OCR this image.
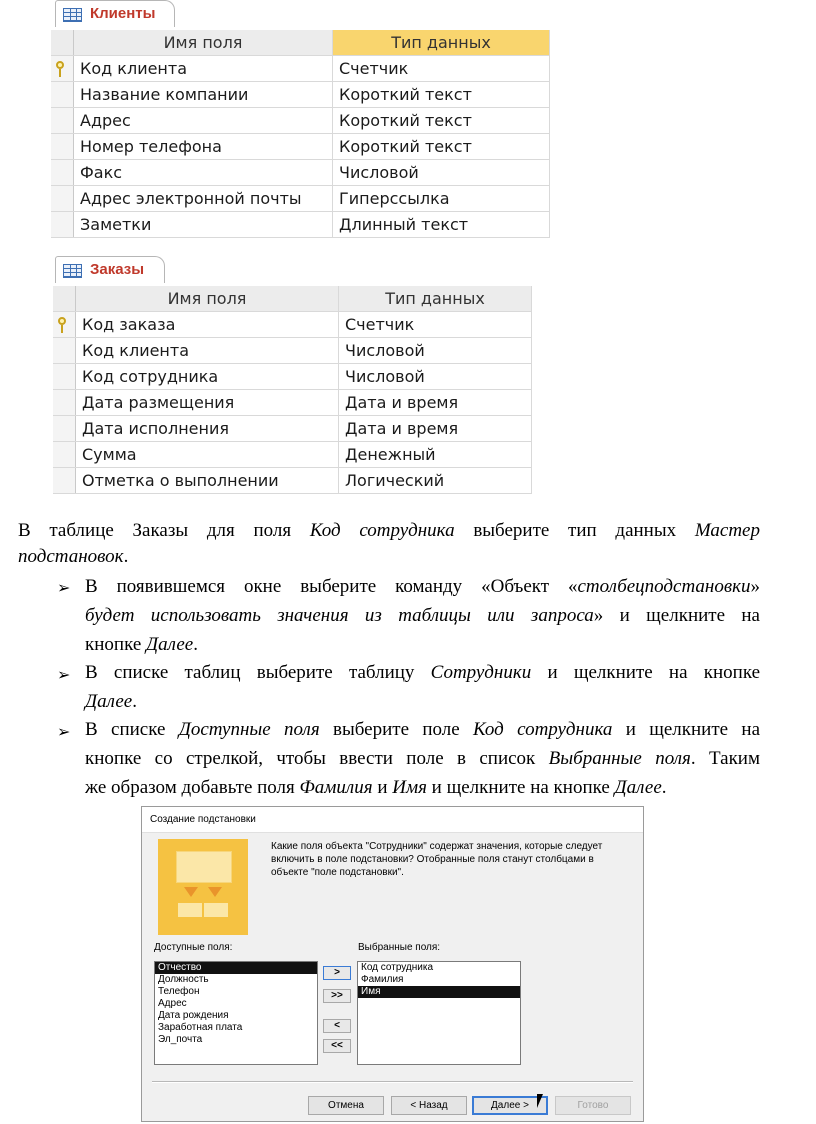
Клиенты
	Имя поля	Тип данных

	Код клиента	Счетчик
	Название компании	Короткий текст
	Адрес	Короткий текст
	Номер телефона	Короткий текст
	Факс	Числовой
	Адрес электронной почты	Гиперссылка
	Заметки	Длинный текст
Заказы
	Имя поля	Тип данных

	Код заказа	Счетчик
	Код клиента	Числовой
	Код сотрудника	Числовой
	Дата размещения	Дата и время
	Дата исполнения	Дата и время
	Сумма	Денежный
	Отметка о выполнении	Логический
В таблице Заказы для поля Код сотрудника выберите тип данных Мастер
подстановок.
➢ В появившемся окне выберите команду «Объект «столбецподстановки»
будет использовать значения из таблицы или запроса» и щелкните на
кнопке Далее.
➢ В списке таблиц выберите таблицу Сотрудники и щелкните на кнопке
Далее.
➢ В списке Доступные поля выберите поле Код сотрудника и щелкните на
кнопке со стрелкой, чтобы ввести поле в список Выбранные поля. Таким
же образом добавьте поля Фамилия и Имя и щелкните на кнопке Далее.
Создание подстановки
Какие поля объекта "Сотрудники" содержат значения, которые следует
включить в поле подстановки? Отобранные поля станут столбцами в
объекте "поле подстановки".
Доступные поля:	Выбранные поля:
Отчество
Должность
Телефон
Адрес
Дата рождения
Заработная плата
Эл_почта
Код сотрудника
Фамилия
Имя
>
>>
<
<<
Отмена	< Назад	Далее >	Готово
